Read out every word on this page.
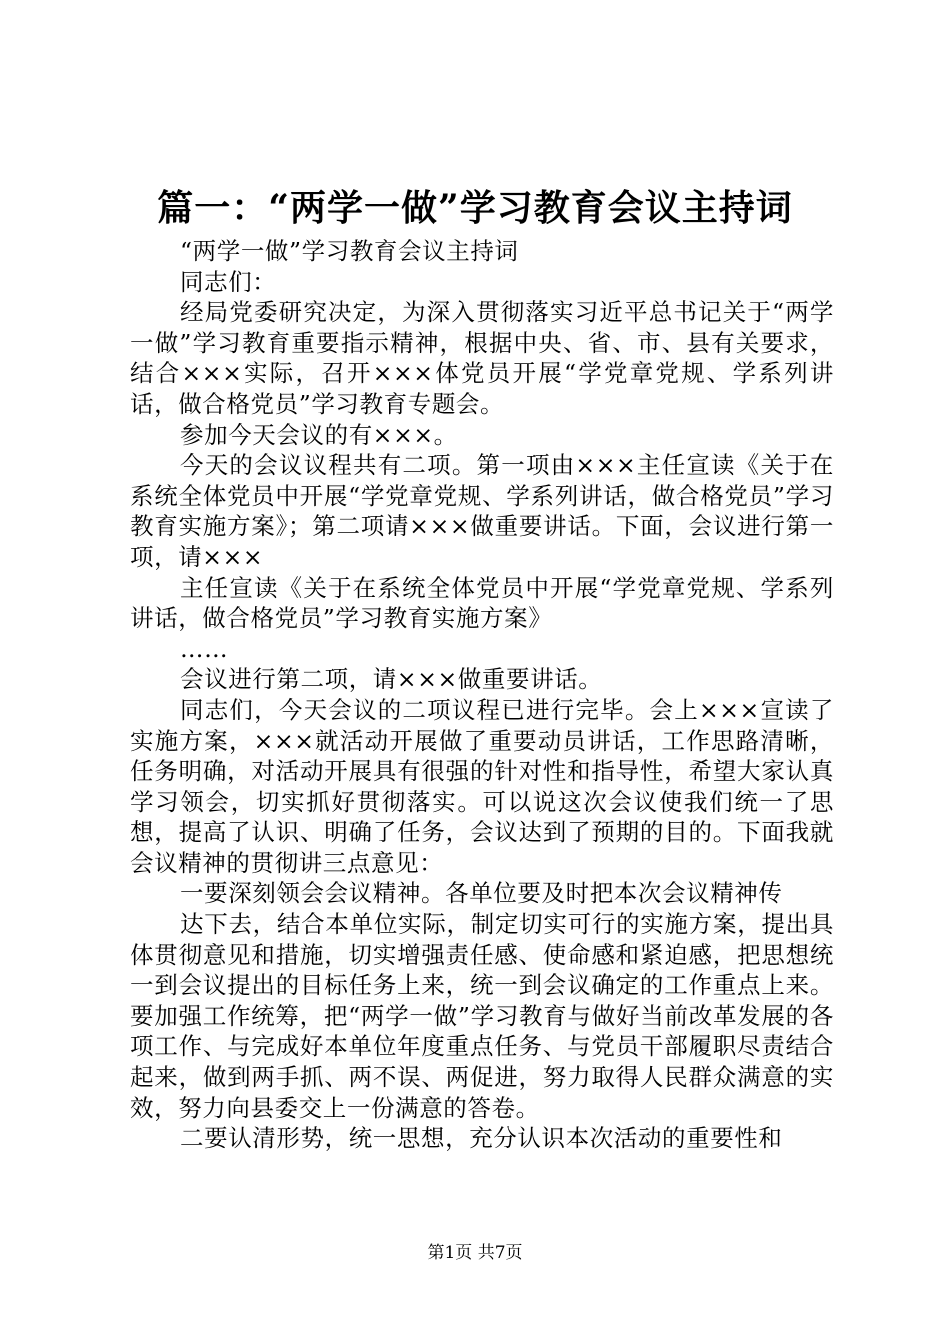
篇一：“两学一做”学习教育会议主持词

“两学一做”学习教育会议主持词

同志们：

经局党委研究决定，为深入贯彻落实习近平总书记关于“两学一做”学习教育重要指示精神，根据中央、省、市、县有关要求，结合×××实际，召开×××体党员开展“学党章党规、学系列讲话，做合格党员”学习教育专题会。

参加今天会议的有×××。

今天的会议议程共有二项。第一项由×××主任宣读《关于在系统全体党员中开展“学党章党规、学系列讲话，做合格党员”学习教育实施方案》；第二项请×××做重要讲话。下面，会议进行第一项，请×××

主任宣读《关于在系统全体党员中开展“学党章党规、学系列讲话，做合格党员”学习教育实施方案》

……

会议进行第二项，请×××做重要讲话。

同志们，今天会议的二项议程已进行完毕。会上×××宣读了实施方案，×××就活动开展做了重要动员讲话，工作思路清晰，任务明确，对活动开展具有很强的针对性和指导性，希望大家认真学习领会，切实抓好贯彻落实。可以说这次会议使我们统一了思想，提高了认识、明确了任务，会议达到了预期的目的。下面我就会议精神的贯彻讲三点意见：

一要深刻领会会议精神。各单位要及时把本次会议精神传

达下去，结合本单位实际，制定切实可行的实施方案，提出具体贯彻意见和措施，切实增强责任感、使命感和紧迫感，把思想统一到会议提出的目标任务上来，统一到会议确定的工作重点上来。要加强工作统筹，把“两学一做”学习教育与做好当前改革发展的各项工作、与完成好本单位年度重点任务、与党员干部履职尽责结合起来，做到两手抓、两不误、两促进，努力取得人民群众满意的实效，努力向县委交上一份满意的答卷。

二要认清形势，统一思想，充分认识本次活动的重要性和

第1页 共7页
